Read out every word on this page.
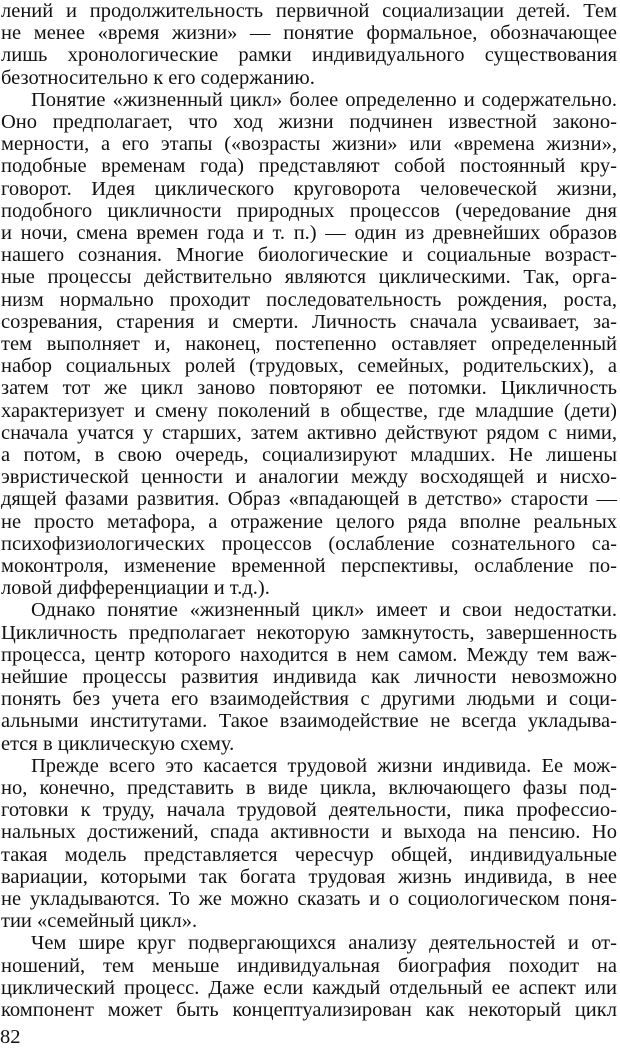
лений и продолжительность первичной социализации детей. Тем
не менее «время жизни» — понятие формальное, обозначающее
лишь хронологические рамки индивидуального существования
безотносительно к его содержанию.
Понятие «жизненный цикл» более определенно и содержательно.
Оно предполагает, что ход жизни подчинен известной законо-
мерности, а его этапы («возрасты жизни» или «времена жизни»,
подобные временам года) представляют собой постоянный кру-
говорот. Идея циклического круговорота человеческой жизни,
подобного цикличности природных процессов (чередование дня
и ночи, смена времен года и т. п.) — один из древнейших образов
нашего сознания. Многие биологические и социальные возраст-
ные процессы действительно являются циклическими. Так, орга-
низм нормально проходит последовательность рождения, роста,
созревания, старения и смерти. Личность сначала усваивает, за-
тем выполняет и, наконец, постепенно оставляет определенный
набор социальных ролей (трудовых, семейных, родительских), а
затем тот же цикл заново повторяют ее потомки. Цикличность
характеризует и смену поколений в обществе, где младшие (дети)
сначала учатся у старших, затем активно действуют рядом с ними,
а потом, в свою очередь, социализируют младших. Не лишены
эвристической ценности и аналогии между восходящей и нисхо-
дящей фазами развития. Образ «впадающей в детство» старости —
не просто метафора, а отражение целого ряда вполне реальных
психофизиологических процессов (ослабление сознательного са-
моконтроля, изменение временной перспективы, ослабление по-
ловой дифференциации и т.д.).
Однако понятие «жизненный цикл» имеет и свои недостатки.
Цикличность предполагает некоторую замкнутость, завершенность
процесса, центр которого находится в нем самом. Между тем важ-
нейшие процессы развития индивида как личности невозможно
понять без учета его взаимодействия с другими людьми и соци-
альными институтами. Такое взаимодействие не всегда укладыва-
ется в циклическую схему.
Прежде всего это касается трудовой жизни индивида. Ее мож-
но, конечно, представить в виде цикла, включающего фазы под-
готовки к труду, начала трудовой деятельности, пика профессио-
нальных достижений, спада активности и выхода на пенсию. Но
такая модель представляется чересчур общей, индивидуальные
вариации, которыми так богата трудовая жизнь индивида, в нее
не укладываются. То же можно сказать и о социологическом поня-
тии «семейный цикл».
Чем шире круг подвергающихся анализу деятельностей и от-
ношений, тем меньше индивидуальная биография походит на
циклический процесс. Даже если каждый отдельный ее аспект или
компонент может быть концептуализирован как некоторый цикл
82
